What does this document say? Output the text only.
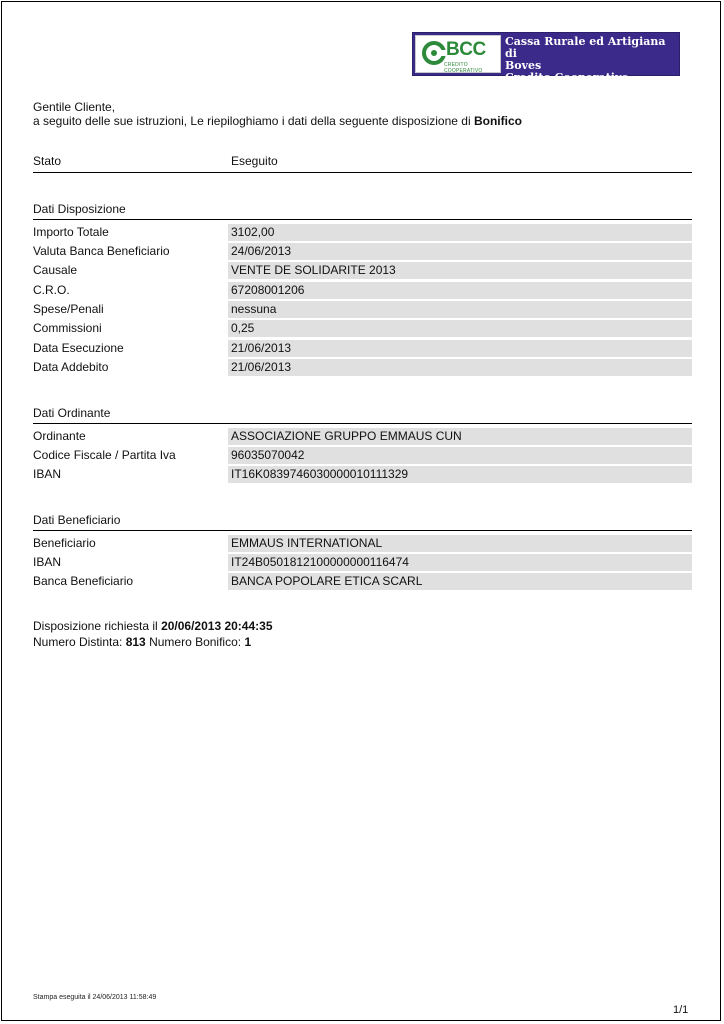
BCC
CREDITO COOPERATIVO
Cassa Rurale ed Artigiana di
Boves
Credito Cooperativo
Gentile Cliente,
a seguito delle sue istruzioni, Le riepiloghiamo i dati della seguente disposizione di Bonifico
Stato	Eseguito
Dati Disposizione
Importo Totale	3102,00
Valuta Banca Beneficiario	24/06/2013
Causale	VENTE DE SOLIDARITE 2013
C.R.O.	67208001206
Spese/Penali	nessuna
Commissioni	0,25
Data Esecuzione	21/06/2013
Data Addebito	21/06/2013
Dati Ordinante
Ordinante	ASSOCIAZIONE GRUPPO EMMAUS CUN
Codice Fiscale / Partita Iva	96035070042
IBAN	IT16K0839746030000010111329
Dati Beneficiario
Beneficiario	EMMAUS INTERNATIONAL
IBAN	IT24B0501812100000000116474
Banca Beneficiario	BANCA POPOLARE ETICA SCARL
Disposizione richiesta il 20/06/2013 20:44:35
Numero Distinta: 813 Numero Bonifico: 1
Stampa eseguita il 24/06/2013 11:58:49
1/1
